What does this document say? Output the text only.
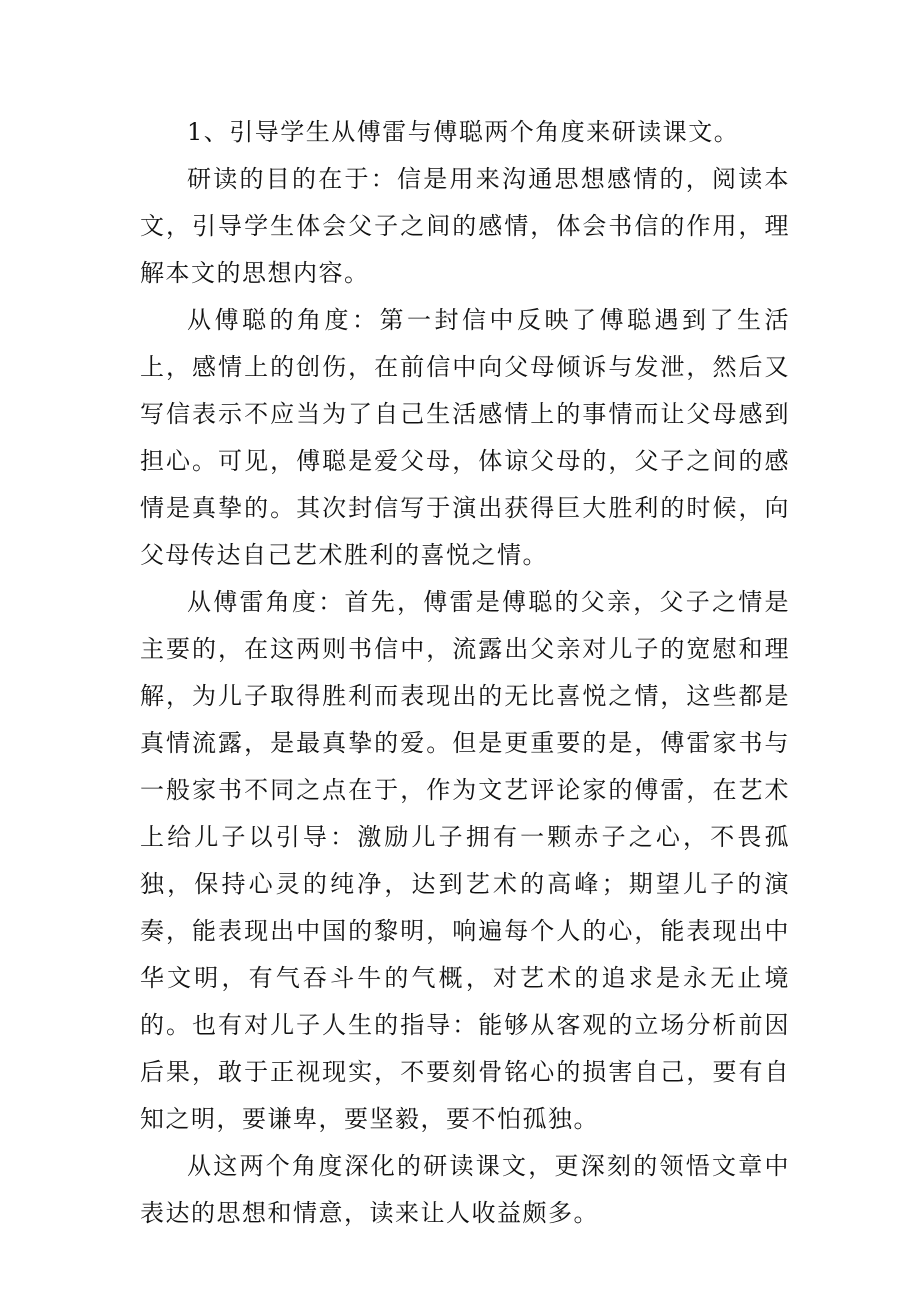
1、引导学生从傅雷与傅聪两个角度来研读课文。

研读的目的在于：信是用来沟通思想感情的，阅读本文，引导学生体会父子之间的感情，体会书信的作用，理解本文的思想内容。

从傅聪的角度：第一封信中反映了傅聪遇到了生活上，感情上的创伤，在前信中向父母倾诉与发泄，然后又写信表示不应当为了自己生活感情上的事情而让父母感到担心。可见，傅聪是爱父母，体谅父母的，父子之间的感情是真挚的。其次封信写于演出获得巨大胜利的时候，向父母传达自己艺术胜利的喜悦之情。

从傅雷角度：首先，傅雷是傅聪的父亲，父子之情是主要的，在这两则书信中，流露出父亲对儿子的宽慰和理解，为儿子取得胜利而表现出的无比喜悦之情，这些都是真情流露，是最真挚的爱。但是更重要的是，傅雷家书与一般家书不同之点在于，作为文艺评论家的傅雷，在艺术上给儿子以引导：激励儿子拥有一颗赤子之心，不畏孤独，保持心灵的纯净，达到艺术的高峰；期望儿子的演奏，能表现出中国的黎明，响遍每个人的心，能表现出中华文明，有气吞斗牛的气概，对艺术的追求是永无止境的。也有对儿子人生的指导：能够从客观的立场分析前因后果，敢于正视现实，不要刻骨铭心的损害自己，要有自知之明，要谦卑，要坚毅，要不怕孤独。

从这两个角度深化的研读课文，更深刻的领悟文章中表达的思想和情意，读来让人收益颇多。
